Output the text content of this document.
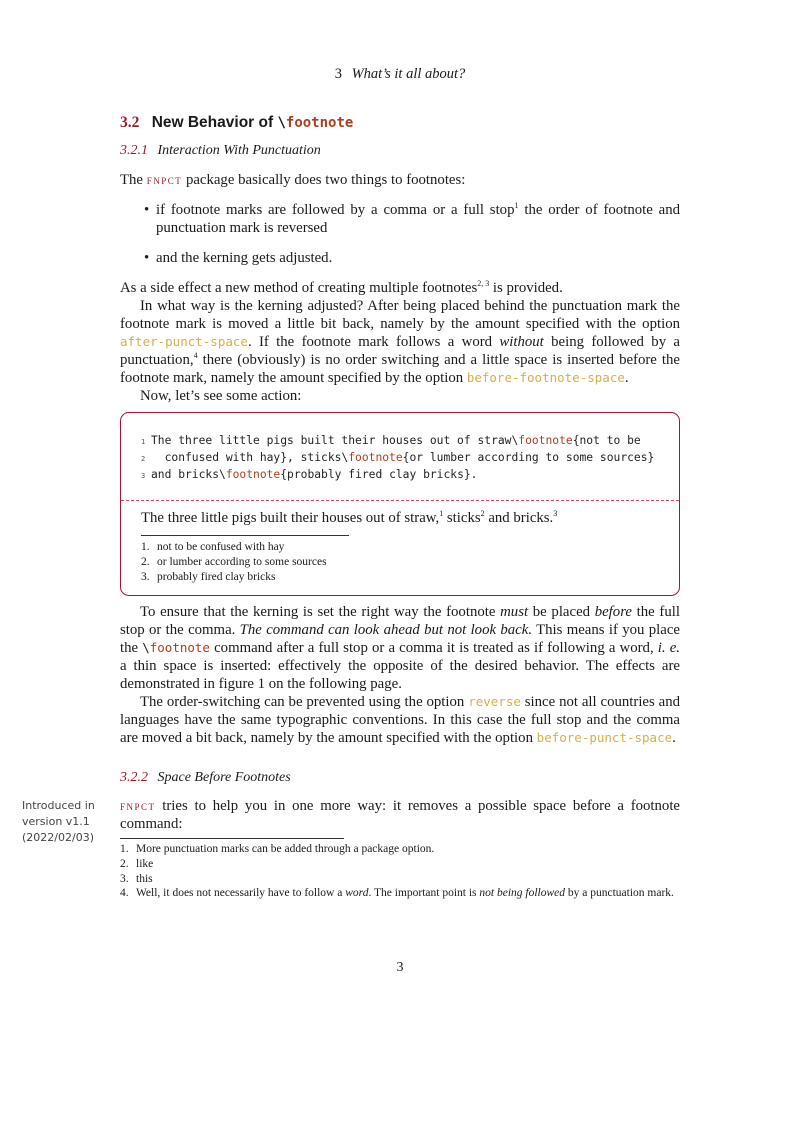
3 What’s it all about?
3.2 New Behavior of \footnote
3.2.1 Interaction With Punctuation

The fnpct package basically does two things to footnotes:

• if footnote marks are followed by a comma or a full stop$^1$ the order of footnote and punctuation mark is reversed
• and the kerning gets adjusted.

As a side effect a new method of creating multiple footnotes$^{2, 3}$ is provided.

In what way is the kerning adjusted? After being placed behind the punctuation mark the footnote mark is moved a little bit back, namely by the amount specified with the option after-punct-space. If the footnote mark follows a word without being followed by a punctuation,$^4$ there (obviously) is no order switching and a little space is inserted before the footnote mark, namely the amount specified by the option before-footnote-space.

Now, let’s see some action:

1 The three little pigs built their houses out of straw\footnote{not to be
2  confused with hay}, sticks\footnote{or lumber according to some sources}
3 and bricks\footnote{probably fired clay bricks}.
The three little pigs built their houses out of straw,$^1$ sticks$^2$ and bricks.$^3$
1. not to be confused with hay
2. or lumber according to some sources
3. probably fired clay bricks

To ensure that the kerning is set the right way the footnote must be placed before the full stop or the comma. The command can look ahead but not look back. This means if you place the \footnote command after a full stop or a comma it is treated as if following a word, i. e. a thin space is inserted: effectively the opposite of the desired behavior. The effects are demonstrated in figure 1 on the following page.

The order-switching can be prevented using the option reverse since not all countries and languages have the same typographic conventions. In this case the full stop and the comma are moved a bit back, namely by the amount specified with the option before-punct-space.

3.2.2 Space Before Footnotes
Introduced in
version v1.1
(2022/02/03)

fnpct tries to help you in one more way: it removes a possible space before a footnote command:

1. More punctuation marks can be added through a package option.
2. like
3. this
4. Well, it does not necessarily have to follow a word. The important point is not being followed by a punctuation mark.
3
